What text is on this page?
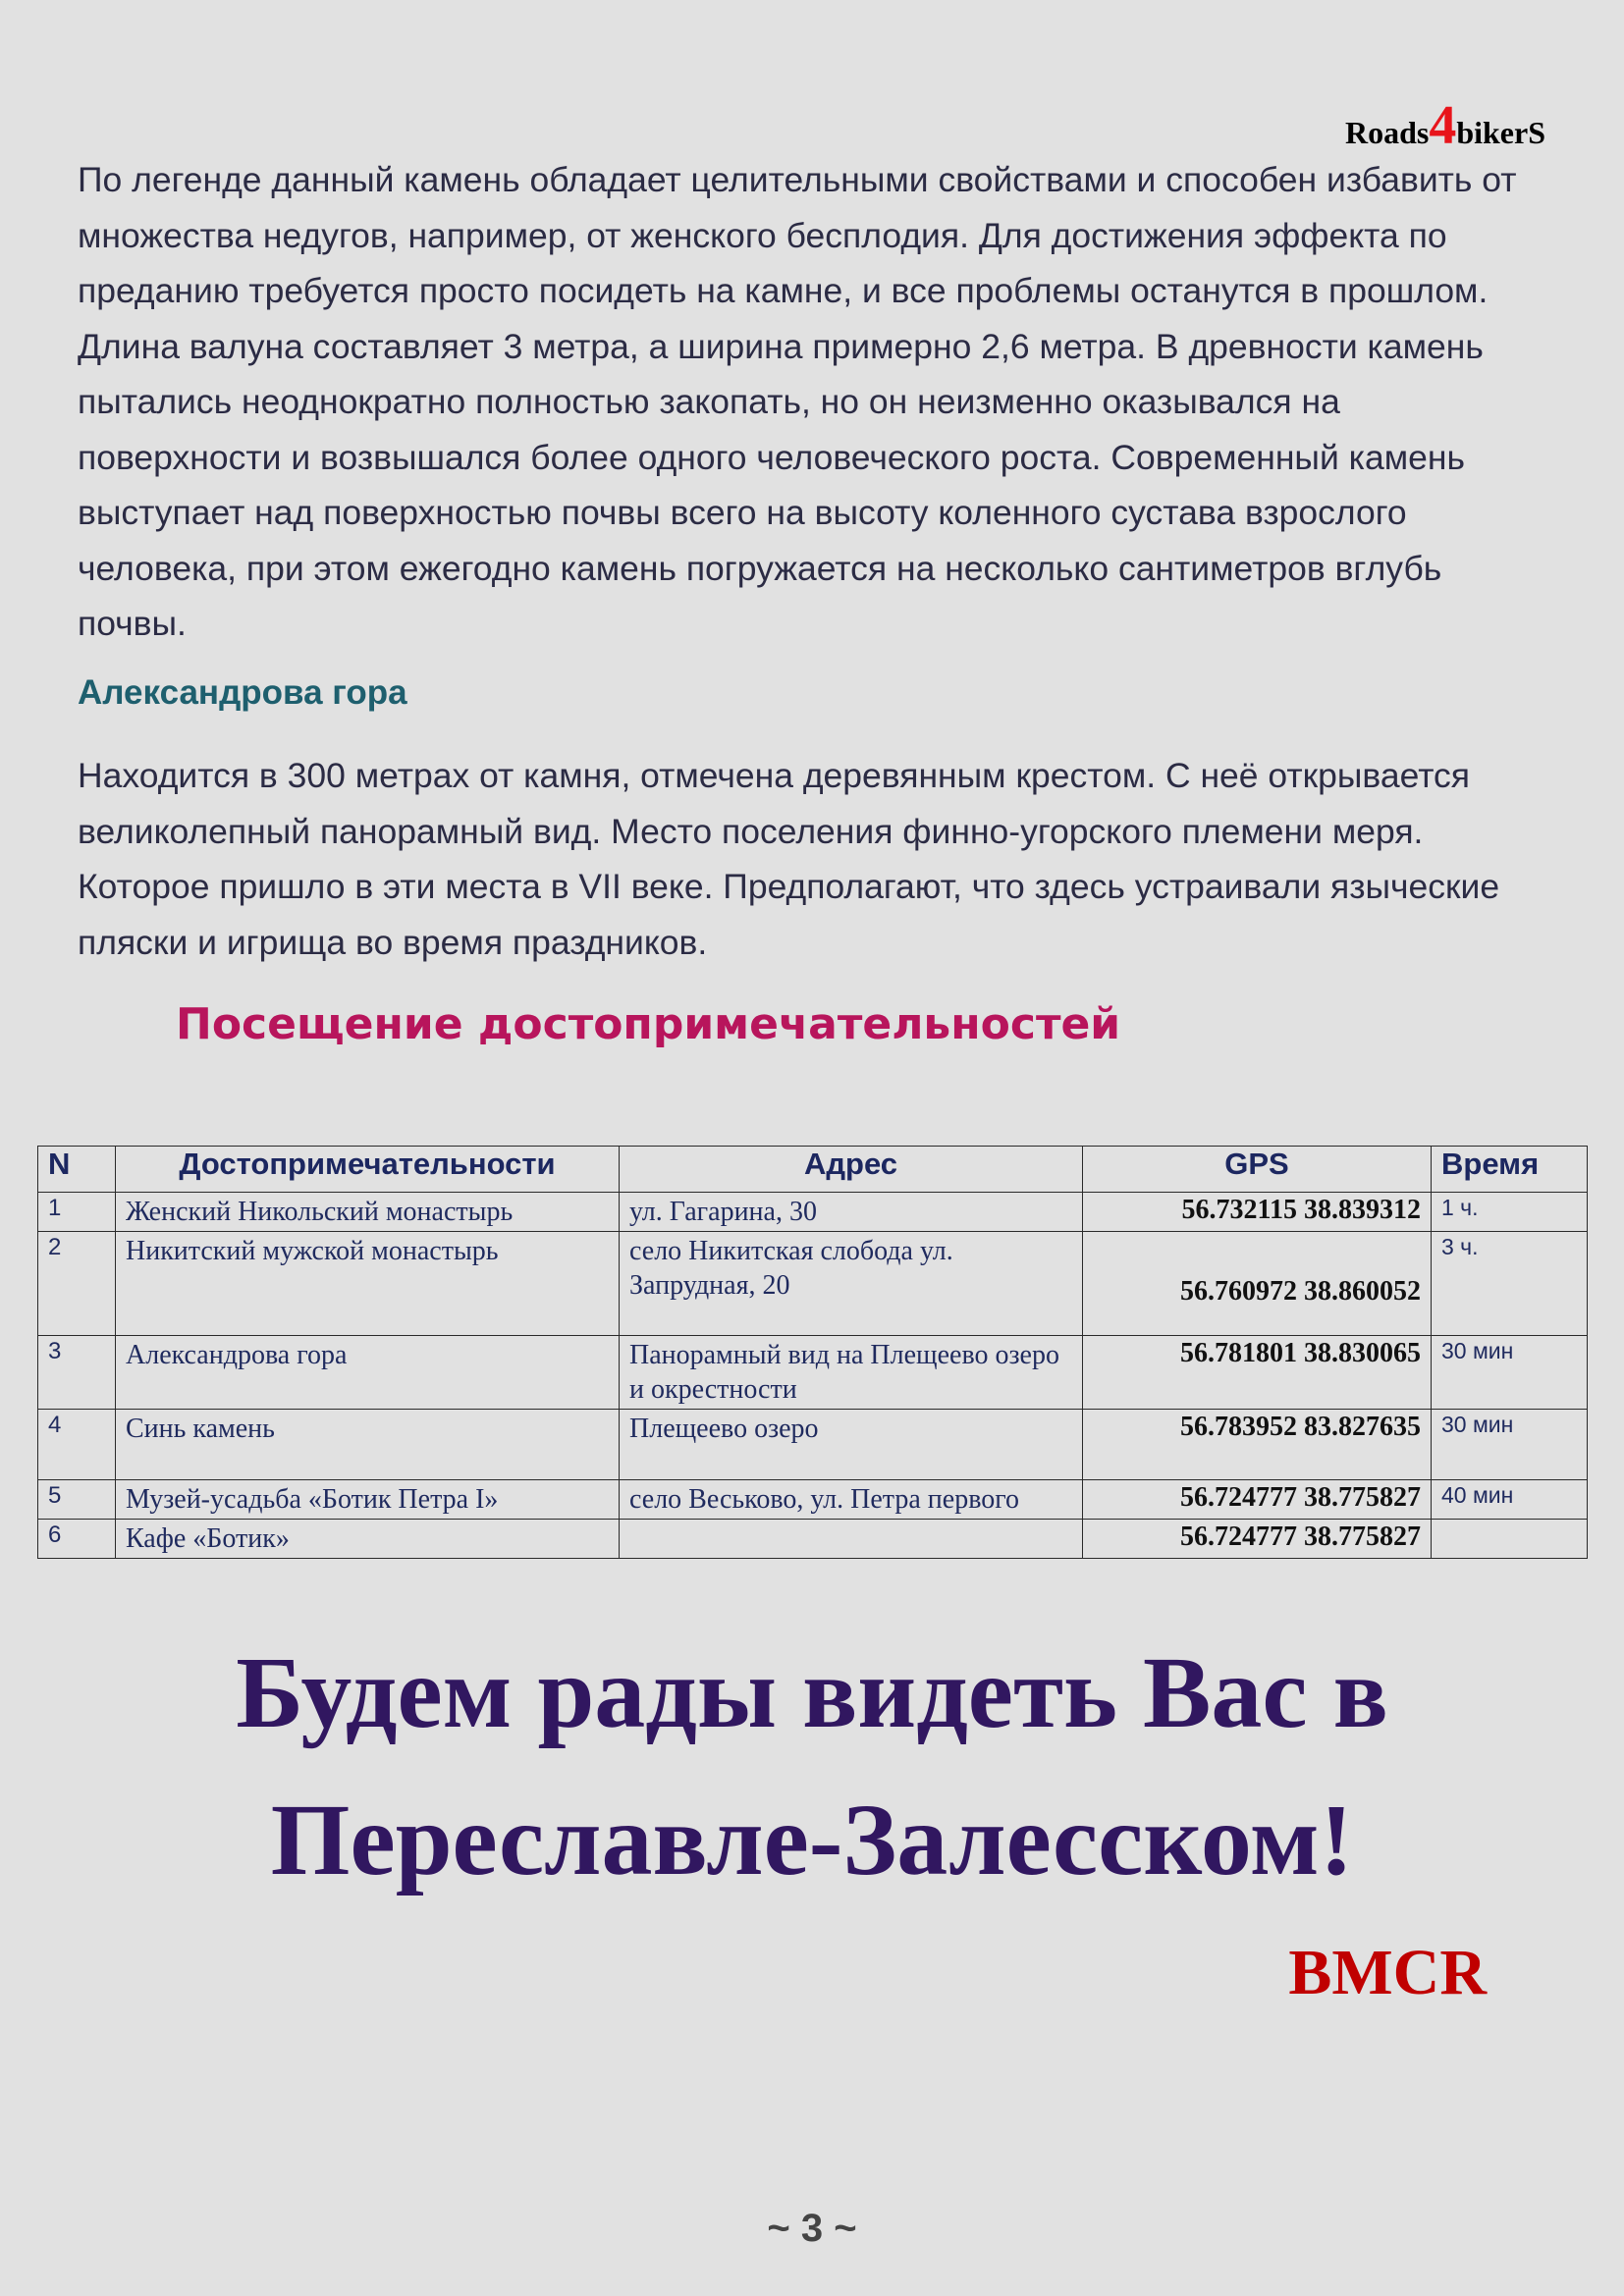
Roads 4 bikerS

По легенде данный камень обладает целительными свойствами и способен избавить от множества недугов, например, от женского бесплодия. Для достижения эффекта по преданию требуется просто посидеть на камне, и все проблемы останутся в прошлом. Длина валуна составляет 3 метра, а ширина примерно 2,6 метра. В древности камень пытались неоднократно полностью закопать, но он неизменно оказывался на поверхности и возвышался более одного человеческого роста. Современный камень выступает над поверхностью почвы всего на высоту коленного сустава взрослого человека, при этом ежегодно камень погружается на несколько сантиметров вглубь почвы.

Александрова гора

Находится в 300 метрах от камня, отмечена деревянным крестом. С неё открывается великолепный панорамный вид. Место поселения финно-угорского племени меря. Которое пришло в эти места в VII веке. Предполагают, что здесь устраивали языческие пляски и игрища во время праздников.

Посещение достопримечательностей
N	Достопримечательности	Адрес	GPS	Время
1	Женский Никольский монастырь	ул. Гагарина, 30	56.732115 38.839312	1 ч.
2	Никитский мужской монастырь	село Никитская слобода ул. Запрудная, 20	56.760972 38.860052	3 ч.
3	Александрова гора	Панорамный вид на Плещеево озеро и окрестности	56.781801 38.830065	30 мин
4	Синь камень	Плещеево озеро	56.783952 83.827635	30 мин
5	Музей-усадьба «Ботик Петра I»	село Веськово, ул. Петра первого	56.724777 38.775827	40 мин
6	Кафе «Ботик»		56.724777 38.775827	
Будем рады видеть Вас в
Переславле-Залесском!

BMCR

~ 3 ~
